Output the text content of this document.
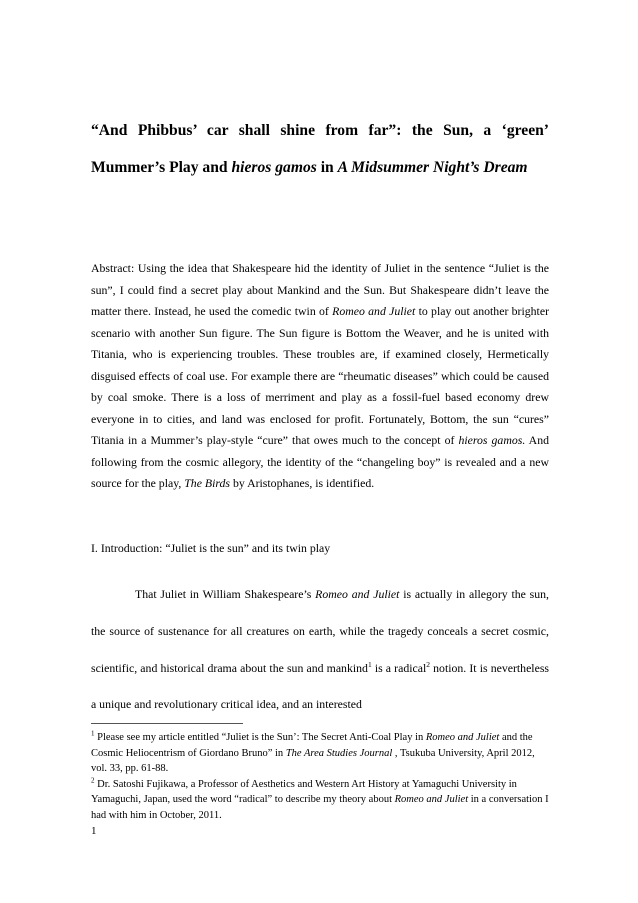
“And Phibbus’ car shall shine from far”: the Sun, a ‘green’ Mummer’s Play and hieros gamos in A Midsummer Night’s Dream

Abstract: Using the idea that Shakespeare hid the identity of Juliet in the sentence “Juliet is the sun”, I could find a secret play about Mankind and the Sun. But Shakespeare didn’t leave the matter there. Instead, he used the comedic twin of Romeo and Juliet to play out another brighter scenario with another Sun figure. The Sun figure is Bottom the Weaver, and he is united with Titania, who is experiencing troubles. These troubles are, if examined closely, Hermetically disguised effects of coal use. For example there are “rheumatic diseases” which could be caused by coal smoke. There is a loss of merriment and play as a fossil-fuel based economy drew everyone in to cities, and land was enclosed for profit. Fortunately, Bottom, the sun “cures” Titania in a Mummer’s play-style “cure” that owes much to the concept of hieros gamos. And following from the cosmic allegory, the identity of the “changeling boy” is revealed and a new source for the play, The Birds by Aristophanes, is identified.

I. Introduction: “Juliet is the sun” and its twin play

That Juliet in William Shakespeare’s Romeo and Juliet is actually in allegory the sun, the source of sustenance for all creatures on earth, while the tragedy conceals a secret cosmic, scientific, and historical drama about the sun and mankind$^1$ is a radical$^2$ notion. It is nevertheless a unique and revolutionary critical idea, and an interested

$^1$ Please see my article entitled “Juliet is the Sun’: The Secret Anti-Coal Play in Romeo and Juliet and the Cosmic Heliocentrism of Giordano Bruno” in The Area Studies Journal , Tsukuba University, April 2012, vol. 33, pp. 61-88.

$^2$ Dr. Satoshi Fujikawa, a Professor of Aesthetics and Western Art History at Yamaguchi University in Yamaguchi, Japan, used the word “radical” to describe my theory about Romeo and Juliet in a conversation I had with him in October, 2011.

1
